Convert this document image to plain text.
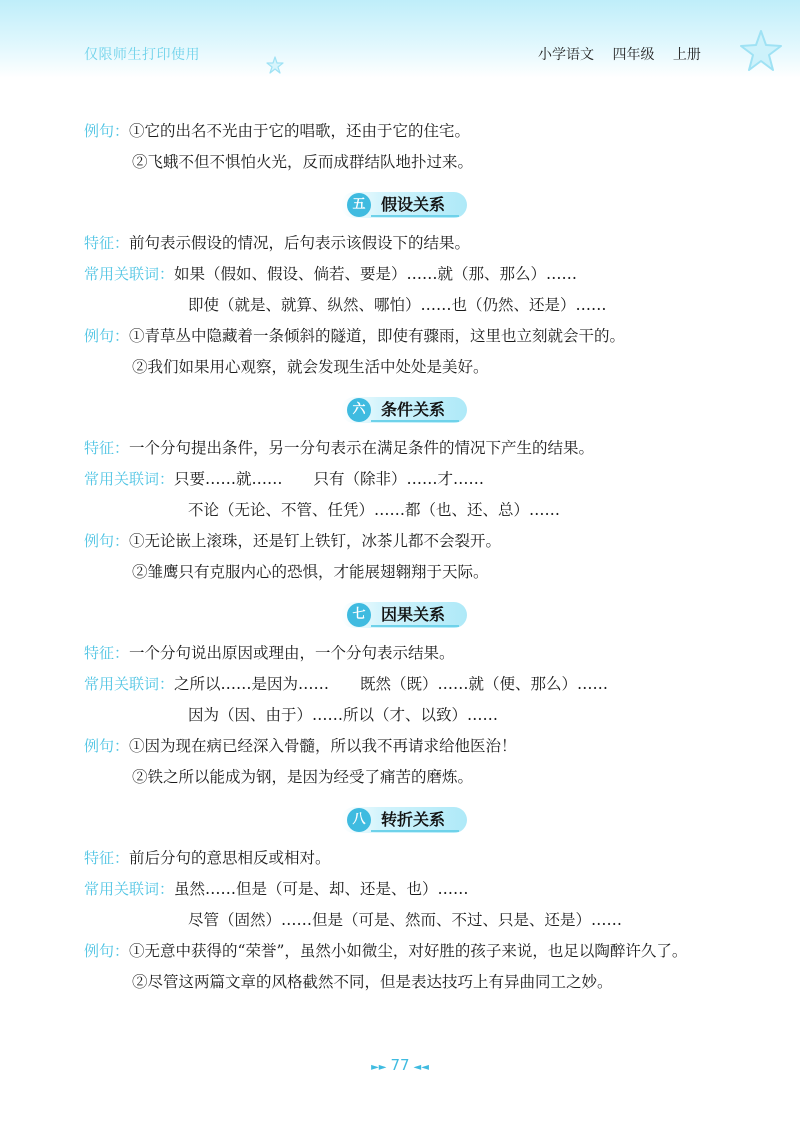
仅限师生打印使用	小学语文 四年级 上册
例句：①它的出名不光由于它的唱歌，还由于它的住宅。
②飞蛾不但不惧怕火光，反而成群结队地扑过来。
五 假设关系
特征：前句表示假设的情况，后句表示该假设下的结果。
常用关联词：如果（假如、假设、倘若、要是）……就（那、那么）……
即使（就是、就算、纵然、哪怕）……也（仍然、还是）……
例句：①青草丛中隐藏着一条倾斜的隧道，即使有骤雨，这里也立刻就会干的。
②我们如果用心观察，就会发现生活中处处是美好。
六 条件关系
特征：一个分句提出条件，另一分句表示在满足条件的情况下产生的结果。
常用关联词：只要……就……　　只有（除非）……才……
不论（无论、不管、任凭）……都（也、还、总）……
例句：①无论嵌上滚珠，还是钉上铁钉，冰茶儿都不会裂开。
②雏鹰只有克服内心的恐惧，才能展翅翱翔于天际。
七 因果关系
特征：一个分句说出原因或理由，一个分句表示结果。
常用关联词：之所以……是因为……　　既然（既）……就（便、那么）……
因为（因、由于）……所以（才、以致）……
例句：①因为现在病已经深入骨髓，所以我不再请求给他医治！
②铁之所以能成为钢，是因为经受了痛苦的磨炼。
八 转折关系
特征：前后分句的意思相反或相对。
常用关联词：虽然……但是（可是、却、还是、也）……
尽管（固然）……但是（可是、然而、不过、只是、还是）……
例句：①无意中获得的“荣誉”，虽然小如微尘，对好胜的孩子来说，也足以陶醉许久了。
②尽管这两篇文章的风格截然不同，但是表达技巧上有异曲同工之妙。
►► 77 ◄◄
